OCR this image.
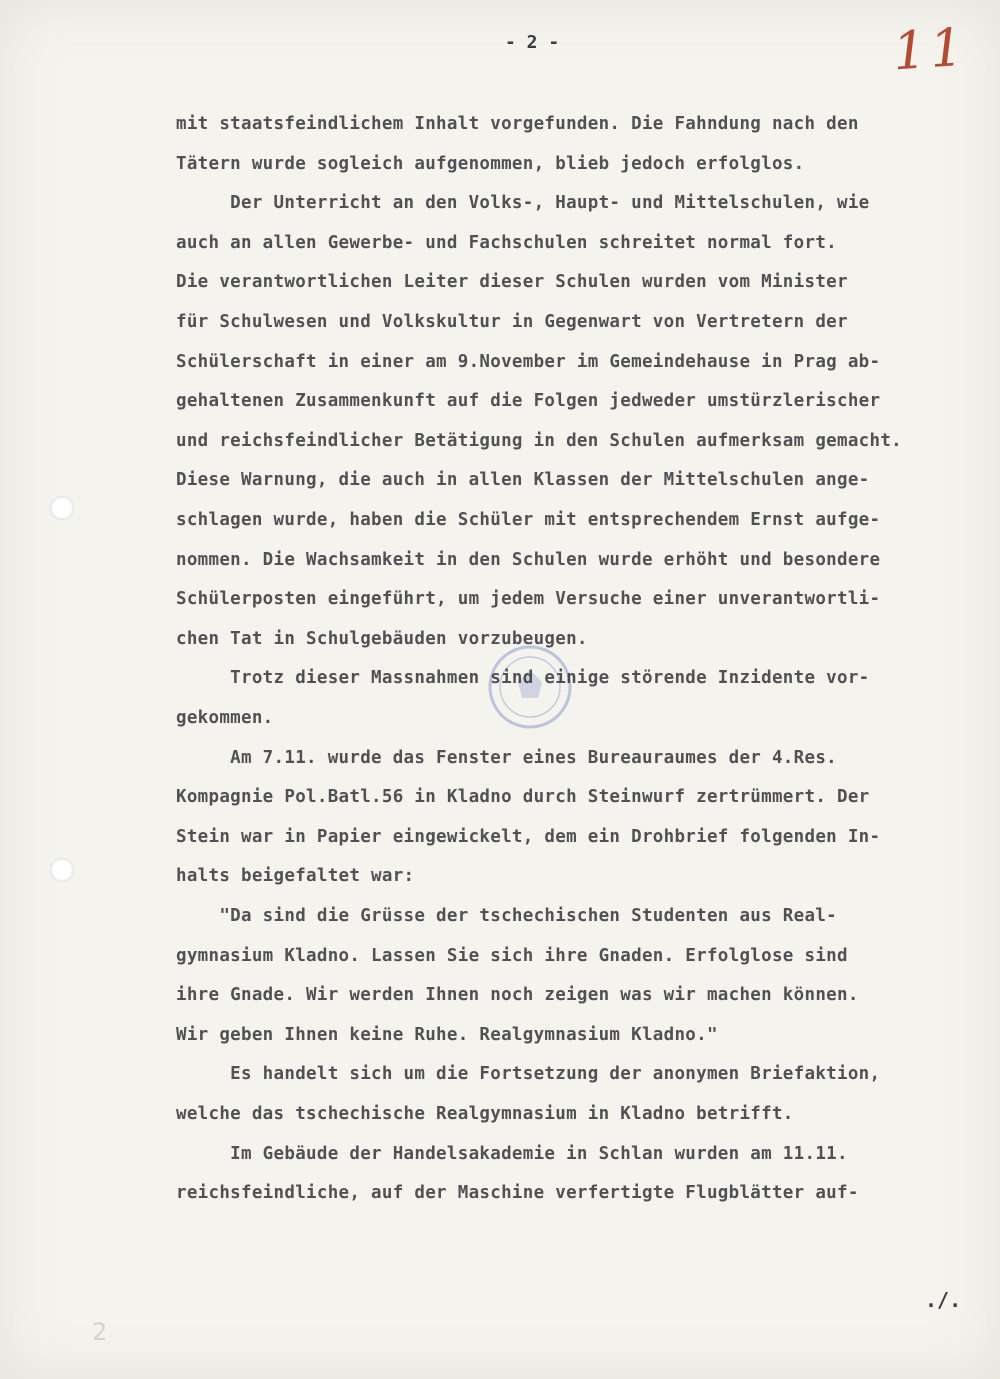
- 2 -	11
mit staatsfeindlichem Inhalt vorgefunden. Die Fahndung nach den
Tätern wurde sogleich aufgenommen, blieb jedoch erfolglos.
Der Unterricht an den Volks-, Haupt- und Mittelschulen, wie
auch an allen Gewerbe- und Fachschulen schreitet normal fort.
Die verantwortlichen Leiter dieser Schulen wurden vom Minister
für Schulwesen und Volkskultur in Gegenwart von Vertretern der
Schülerschaft in einer am 9.November im Gemeindehause in Prag ab-
gehaltenen Zusammenkunft auf die Folgen jedweder umstürzlerischer
und reichsfeindlicher Betätigung in den Schulen aufmerksam gemacht.
Diese Warnung, die auch in allen Klassen der Mittelschulen ange-
schlagen wurde, haben die Schüler mit entsprechendem Ernst aufge-
nommen. Die Wachsamkeit in den Schulen wurde erhöht und besondere
Schülerposten eingeführt, um jedem Versuche einer unverantwortli-
chen Tat in Schulgebäuden vorzubeugen.
Trotz dieser Massnahmen sind einige störende Inzidente vor-
gekommen.
Am 7.11. wurde das Fenster eines Bureauraumes der 4.Res.
Kompagnie Pol.Batl.56 in Kladno durch Steinwurf zertrümmert. Der
Stein war in Papier eingewickelt, dem ein Drohbrief folgenden In-
halts beigefaltet war:
"Da sind die Grüsse der tschechischen Studenten aus Real-
gymnasium Kladno. Lassen Sie sich ihre Gnaden. Erfolglose sind
ihre Gnade. Wir werden Ihnen noch zeigen was wir machen können.
Wir geben Ihnen keine Ruhe. Realgymnasium Kladno."
Es handelt sich um die Fortsetzung der anonymen Briefaktion,
welche das tschechische Realgymnasium in Kladno betrifft.
Im Gebäude der Handelsakademie in Schlan wurden am 11.11.
reichsfeindliche, auf der Maschine verfertigte Flugblätter auf-
./.
2
